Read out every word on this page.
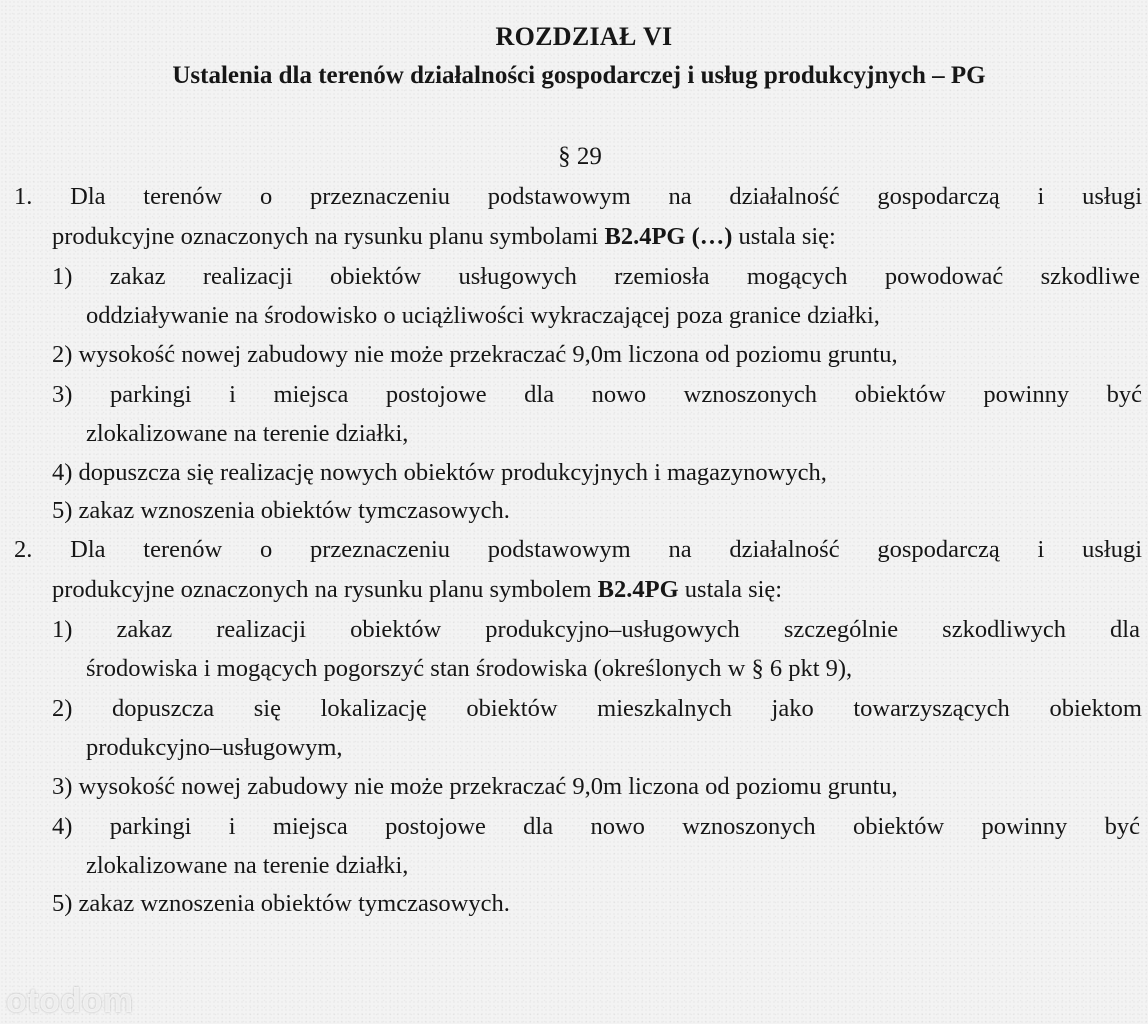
ROZDZIAŁ VI
Ustalenia dla terenów działalności gospodarczej i usług produkcyjnych – PG
§ 29
1. Dla terenów o przeznaczeniu podstawowym na działalność gospodarczą i usługi
produkcyjne oznaczonych na rysunku planu symbolami B2.4PG (…) ustala się:
1) zakaz realizacji obiektów usługowych rzemiosła mogących powodować szkodliwe
oddziaływanie na środowisko o uciążliwości wykraczającej poza granice działki,
2) wysokość nowej zabudowy nie może przekraczać 9,0m liczona od poziomu gruntu,
3) parkingi i miejsca postojowe dla nowo wznoszonych obiektów powinny być
zlokalizowane na terenie działki,
4) dopuszcza się realizację nowych obiektów produkcyjnych i magazynowych,
5) zakaz wznoszenia obiektów tymczasowych.
2. Dla terenów o przeznaczeniu podstawowym na działalność gospodarczą i usługi
produkcyjne oznaczonych na rysunku planu symbolem B2.4PG ustala się:
1) zakaz realizacji obiektów produkcyjno–usługowych szczególnie szkodliwych dla
środowiska i mogących pogorszyć stan środowiska (określonych w § 6 pkt 9),
2) dopuszcza się lokalizację obiektów mieszkalnych jako towarzyszących obiektom
produkcyjno–usługowym,
3) wysokość nowej zabudowy nie może przekraczać 9,0m liczona od poziomu gruntu,
4) parkingi i miejsca postojowe dla nowo wznoszonych obiektów powinny być
zlokalizowane na terenie działki,
5) zakaz wznoszenia obiektów tymczasowych.
otodom
